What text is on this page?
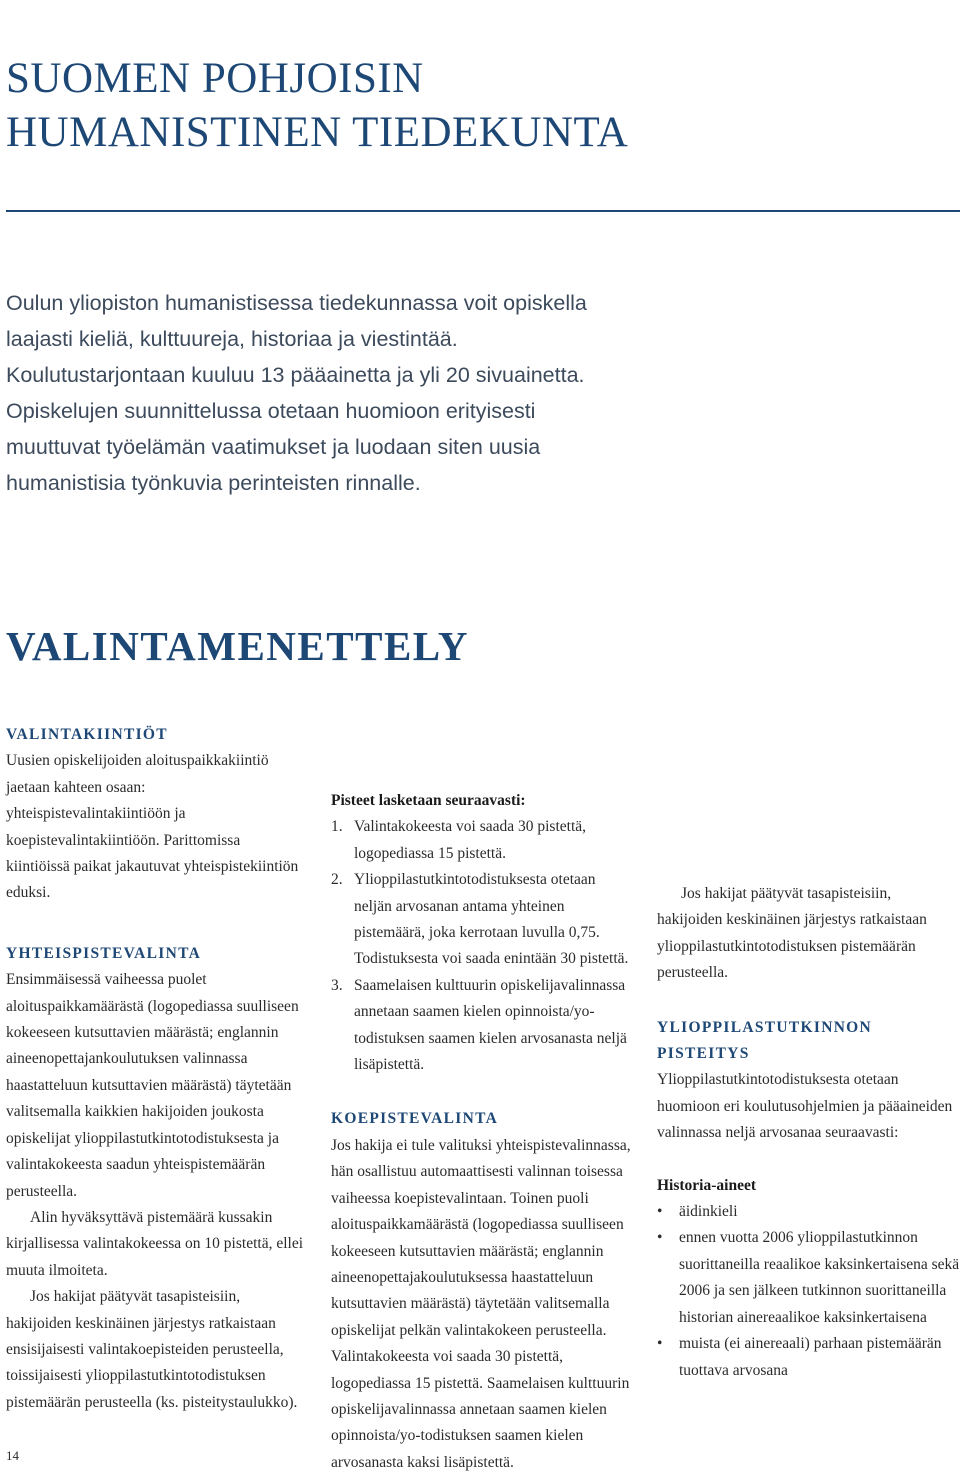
SUOMEN POHJOISIN
HUMANISTINEN TIEDEKUNTA

Oulun yliopiston humanistisessa tiedekunnassa voit opiskella laajasti kieliä, kulttuureja, historiaa ja viestintää. Koulutustarjontaan kuuluu 13 pääainetta ja yli 20 sivuainetta. Opiskelujen suunnittelussa otetaan huomioon erityisesti muuttuvat työelämän vaatimukset ja luodaan siten uusia humanistisia työnkuvia perinteisten rinnalle.

VALINTAMENETTELY

VALINTAKIINTIÖT

Uusien opiskelijoiden aloituspaikkakiintiö jaetaan kahteen osaan: yhteispistevalintakiintiöön ja koepistevalintakiintiöön. Parittomissa kiintiöissä paikat jakautuvat yhteispistekiintiön eduksi.

YHTEISPISTEVALINTA

Ensimmäisessä vaiheessa puolet aloituspaikkamäärästä (logopediassa suulliseen kokeeseen kutsuttavien määrästä; englannin aineenopettajankoulutuksen valinnassa haastatteluun kutsuttavien määrästä) täytetään valitsemalla kaikkien hakijoiden joukosta opiskelijat ylioppilastutkintotodistuksesta ja valintakokeesta saadun yhteispistemäärän perusteella.

Alin hyväksyttävä pistemäärä kussakin kirjallisessa valintakokeessa on 10 pistettä, ellei muuta ilmoiteta.

Jos hakijat päätyvät tasapisteisiin, hakijoiden keskinäinen järjestys ratkaistaan ensisijaisesti valintakoepisteiden perusteella, toissijaisesti ylioppilastutkintotodistuksen pistemäärän perusteella (ks. pisteitystaulukko).

Pisteet lasketaan seuraavasti:

1. Valintakokeesta voi saada 30 pistettä, logopediassa 15 pistettä.
2. Ylioppilastutkintotodistuksesta otetaan neljän arvosanan antama yhteinen pistemäärä, joka kerrotaan luvulla 0,75. Todistuksesta voi saada enintään 30 pistettä.
3. Saamelaisen kulttuurin opiskelijavalinnassa annetaan saamen kielen opinnoista/yo-todistuksen saamen kielen arvosanasta neljä lisäpistettä.

KOEPISTEVALINTA

Jos hakija ei tule valituksi yhteispistevalinnassa, hän osallistuu automaattisesti valinnan toisessa vaiheessa koepistevalintaan. Toinen puoli aloituspaikkamäärästä (logopediassa suulliseen kokeeseen kutsuttavien määrästä; englannin aineenopettajakoulutuksessa haastatteluun kutsuttavien määrästä) täytetään valitsemalla opiskelijat pelkän valintakokeen perusteella. Valintakokeesta voi saada 30 pistettä, logopediassa 15 pistettä. Saamelaisen kulttuurin opiskelijavalinnassa annetaan saamen kielen opinnoista/yo-todistuksen saamen kielen arvosanasta kaksi lisäpistettä.

Jos hakijat päätyvät tasapisteisiin, hakijoiden keskinäinen järjestys ratkaistaan ylioppilastutkintotodistuksen pistemäärän perusteella.

YLIOPPILASTUTKINNON PISTEITYS

Ylioppilastutkintotodistuksesta otetaan huomioon eri koulutusohjelmien ja pääaineiden valinnassa neljä arvosanaa seuraavasti:

Historia-aineet

• äidinkieli
• ennen vuotta 2006 ylioppilastutkinnon suorittaneilla reaalikoe kaksinkertaisena sekä 2006 ja sen jälkeen tutkinnon suorittaneilla historian ainereaalikoe kaksinkertaisena
• muista (ei ainereaali) parhaan pistemäärän tuottava arvosana
14
